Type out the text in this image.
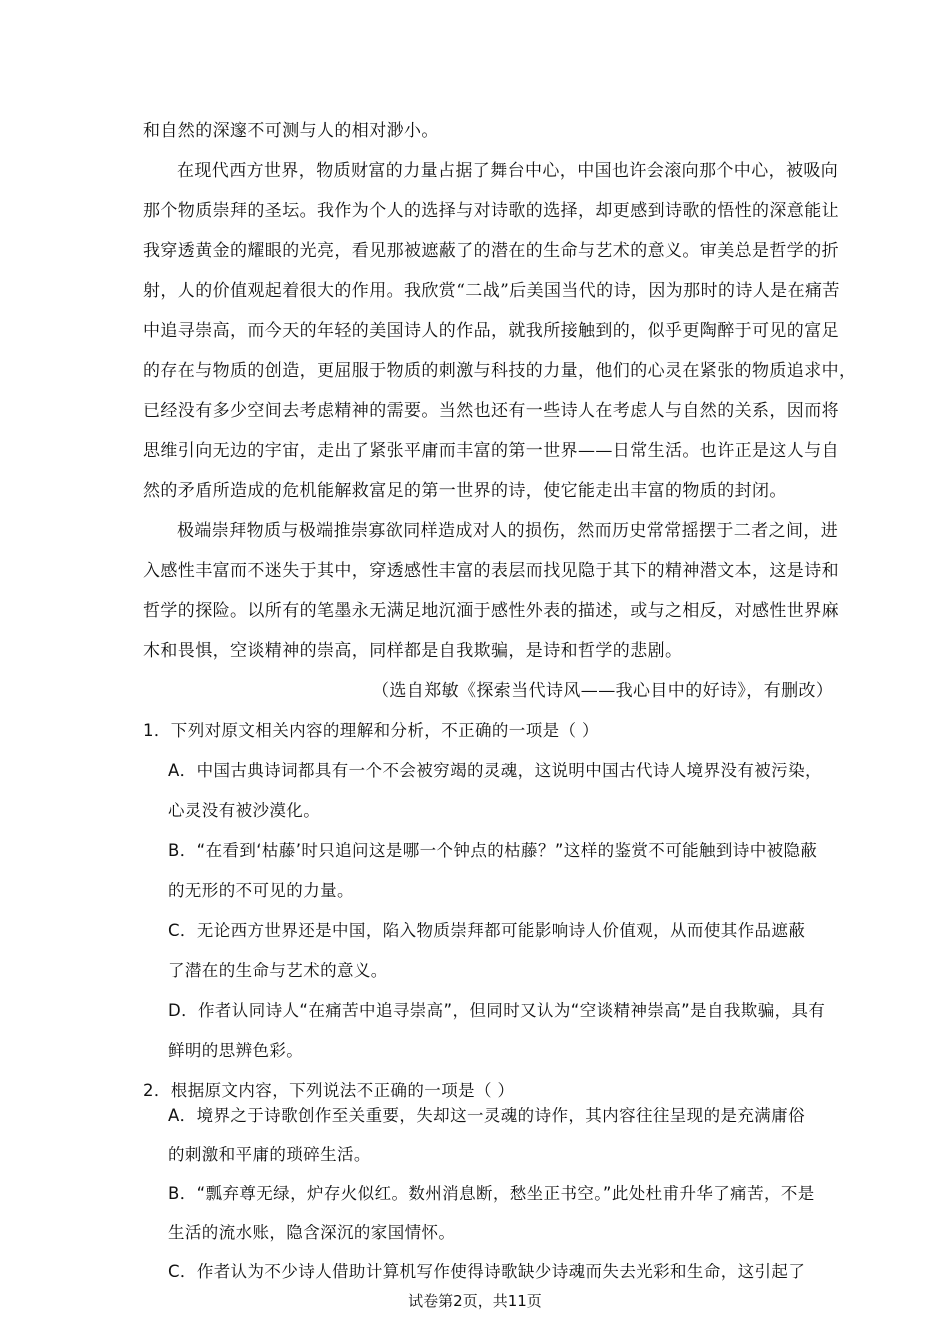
和自然的深邃不可测与人的相对渺小。
在现代西方世界，物质财富的力量占据了舞台中心，中国也许会滚向那个中心，被吸向
那个物质崇拜的圣坛。我作为个人的选择与对诗歌的选择，却更感到诗歌的悟性的深意能让
我穿透黄金的耀眼的光亮，看见那被遮蔽了的潜在的生命与艺术的意义。审美总是哲学的折
射，人的价值观起着很大的作用。我欣赏“二战”后美国当代的诗，因为那时的诗人是在痛苦
中追寻崇高，而今天的年轻的美国诗人的作品，就我所接触到的，似乎更陶醉于可见的富足
的存在与物质的创造，更屈服于物质的刺激与科技的力量，他们的心灵在紧张的物质追求中，
已经没有多少空间去考虑精神的需要。当然也还有一些诗人在考虑人与自然的关系，因而将
思维引向无边的宇宙，走出了紧张平庸而丰富的第一世界——日常生活。也许正是这人与自
然的矛盾所造成的危机能解救富足的第一世界的诗，使它能走出丰富的物质的封闭。
极端崇拜物质与极端推崇寡欲同样造成对人的损伤，然而历史常常摇摆于二者之间，进
入感性丰富而不迷失于其中，穿透感性丰富的表层而找见隐于其下的精神潜文本，这是诗和
哲学的探险。以所有的笔墨永无满足地沉湎于感性外表的描述，或与之相反，对感性世界麻
木和畏惧，空谈精神的崇高，同样都是自我欺骗，是诗和哲学的悲剧。
（选自郑敏《探索当代诗风——我心目中的好诗》，有删改）
1．下列对原文相关内容的理解和分析，不正确的一项是（ ）
A．中国古典诗词都具有一个不会被穷竭的灵魂，这说明中国古代诗人境界没有被污染，
心灵没有被沙漠化。
B．“在看到‘枯藤’时只追问这是哪一个钟点的枯藤？”这样的鉴赏不可能触到诗中被隐蔽
的无形的不可见的力量。
C．无论西方世界还是中国，陷入物质崇拜都可能影响诗人价值观，从而使其作品遮蔽
了潜在的生命与艺术的意义。
D．作者认同诗人“在痛苦中追寻崇高”，但同时又认为“空谈精神崇高”是自我欺骗，具有
鲜明的思辨色彩。
2．根据原文内容，下列说法不正确的一项是（ ）
A．境界之于诗歌创作至关重要，失却这一灵魂的诗作，其内容往往呈现的是充满庸俗
的刺激和平庸的琐碎生活。
B．“瓢弃尊无绿，炉存火似红。数州消息断，愁坐正书空。”此处杜甫升华了痛苦，不是
生活的流水账，隐含深沉的家国情怀。
试卷第2页，共11页
C．作者认为不少诗人借助计算机写作使得诗歌缺少诗魂而失去光彩和生命，这引起了
